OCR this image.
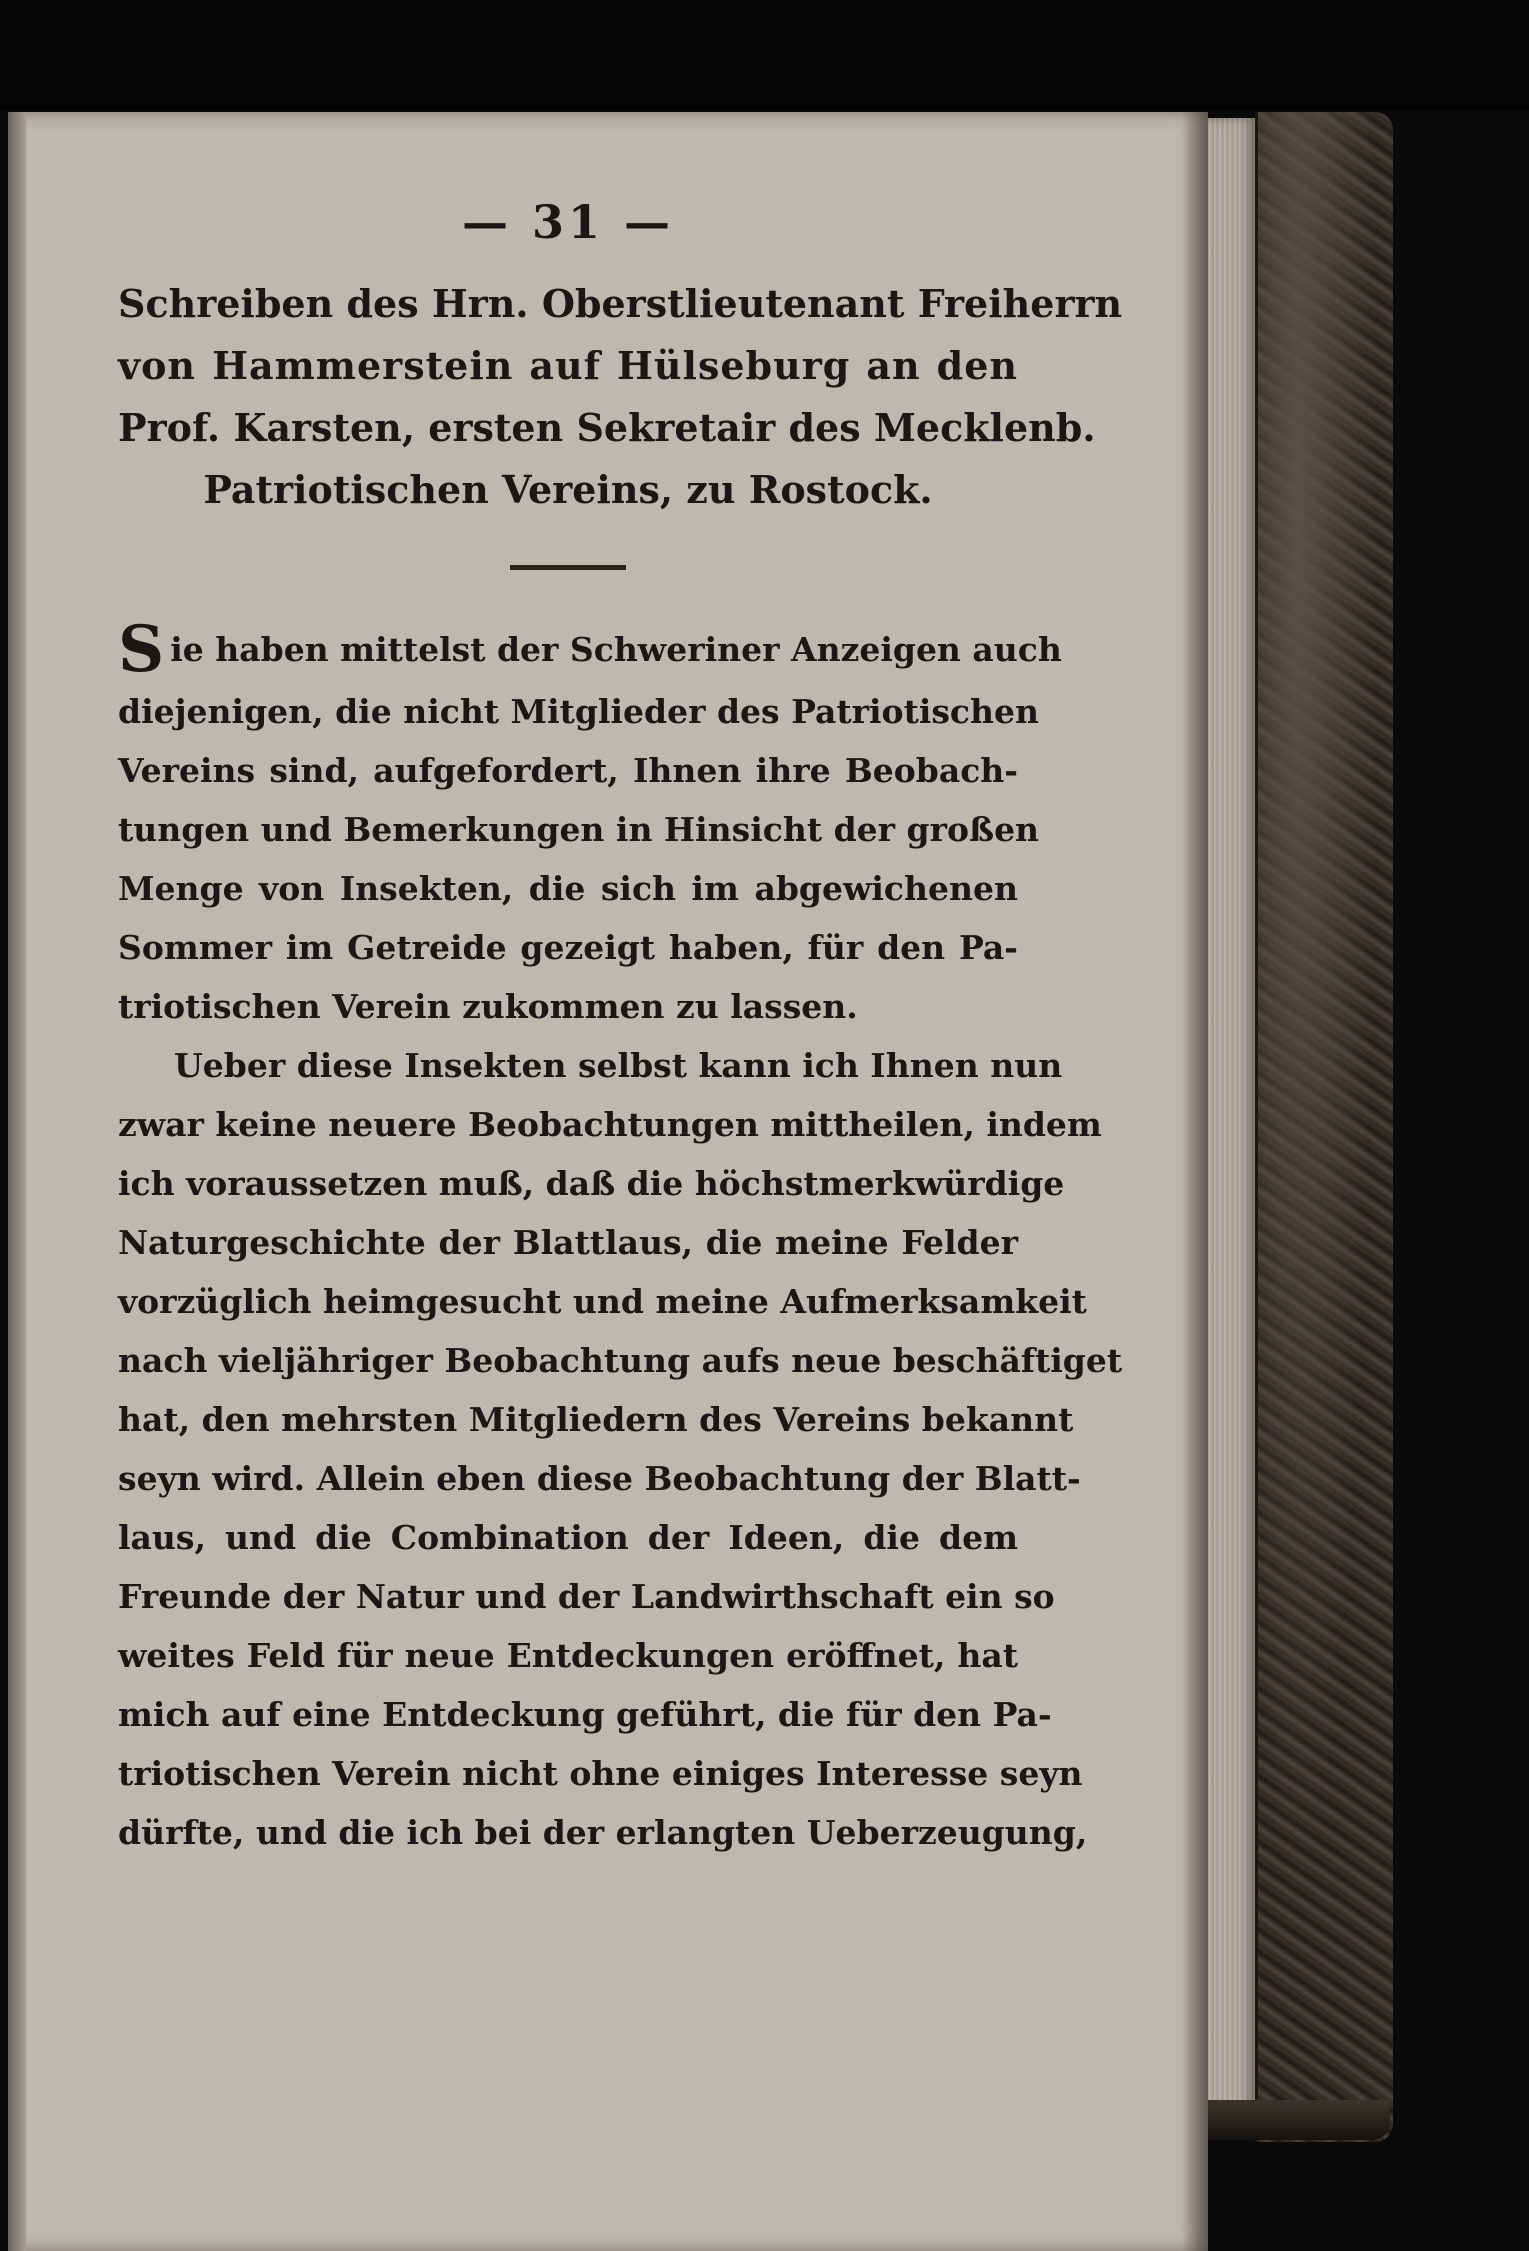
— 31 —
Schreiben des Hrn. Oberstlieutenant Freiherrn
von Hammerstein auf Hülseburg an den
Prof. Karsten, ersten Sekretair des Mecklenb.
Patriotischen Vereins, zu Rostock.
Sie haben mittelst der Schweriner Anzeigen auch
diejenigen, die nicht Mitglieder des Patriotischen
Vereins sind, aufgefordert, Ihnen ihre Beobach-
tungen und Bemerkungen in Hinsicht der großen
Menge von Insekten, die sich im abgewichenen
Sommer im Getreide gezeigt haben, für den Pa-
triotischen Verein zukommen zu lassen.
Ueber diese Insekten selbst kann ich Ihnen nun
zwar keine neuere Beobachtungen mittheilen, indem
ich voraussetzen muß, daß die höchstmerkwürdige
Naturgeschichte der Blattlaus, die meine Felder
vorzüglich heimgesucht und meine Aufmerksamkeit
nach vieljähriger Beobachtung aufs neue beschäftiget
hat, den mehrsten Mitgliedern des Vereins bekannt
seyn wird. Allein eben diese Beobachtung der Blatt-
laus, und die Combination der Ideen, die dem
Freunde der Natur und der Landwirthschaft ein so
weites Feld für neue Entdeckungen eröffnet, hat
mich auf eine Entdeckung geführt, die für den Pa-
triotischen Verein nicht ohne einiges Interesse seyn
dürfte, und die ich bei der erlangten Ueberzeugung,
